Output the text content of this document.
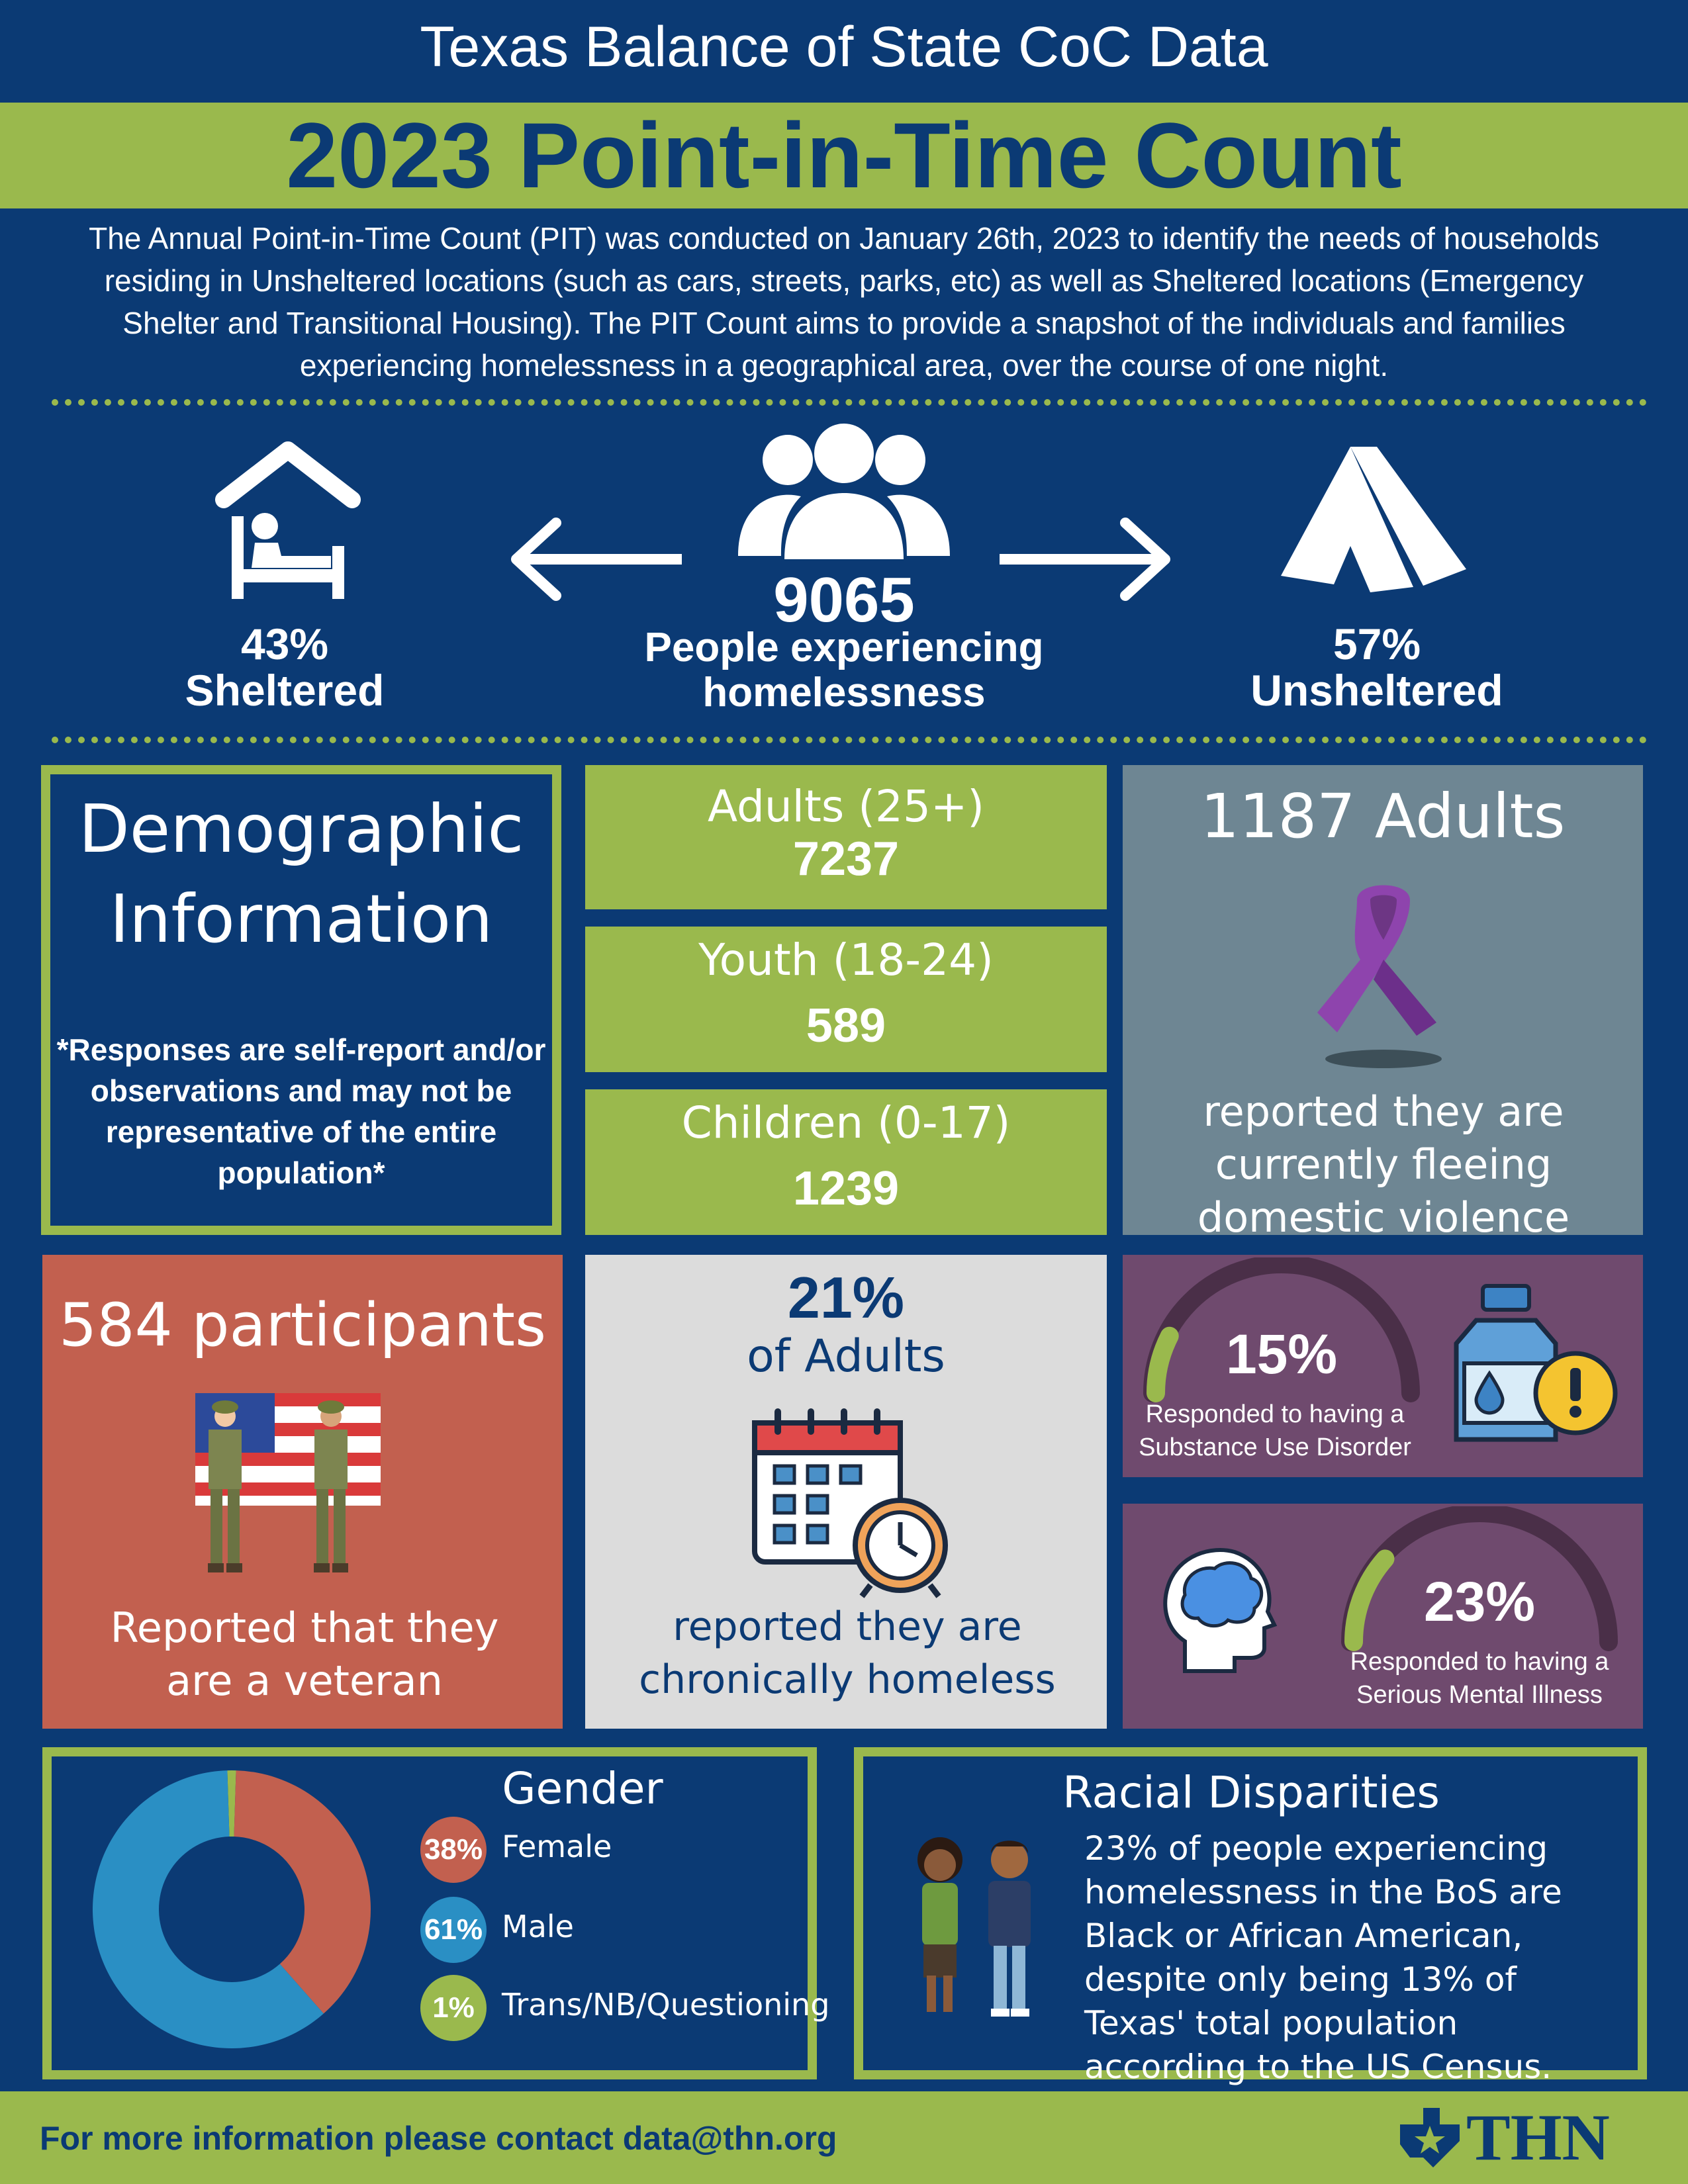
Texas Balance of State CoC Data
2023 Point-in-Time Count
The Annual Point-in-Time Count (PIT) was conducted on January 26th, 2023 to identify the needs of households residing in Unsheltered locations (such as cars, streets, parks, etc) as well as Sheltered locations (Emergency Shelter and Transitional Housing). The PIT Count aims to provide a snapshot of the individuals and families experiencing homelessness in a geographical area, over the course of one night.
43%
Sheltered
9065
People experiencing homelessness
57%
Unsheltered
Demographic Information
*Responses are self-report and/or observations and may not be representative of the entire population*
Adults (25+)
7237
Youth (18-24)
589
Children (0-17)
1239
1187 Adults
reported they are currently fleeing domestic violence
584 participants
Reported that they are a veteran
21%
of Adults
reported they are chronically homeless
15%
Responded to having a Substance Use Disorder
23%
Responded to having a Serious Mental Illness
Gender
38% Female
61% Male
1% Trans/NB/Questioning
Racial Disparities
23% of people experiencing homelessness in the BoS are Black or African American, despite only being 13% of Texas' total population according to the US Census.
For more information please contact data@thn.org	THN
